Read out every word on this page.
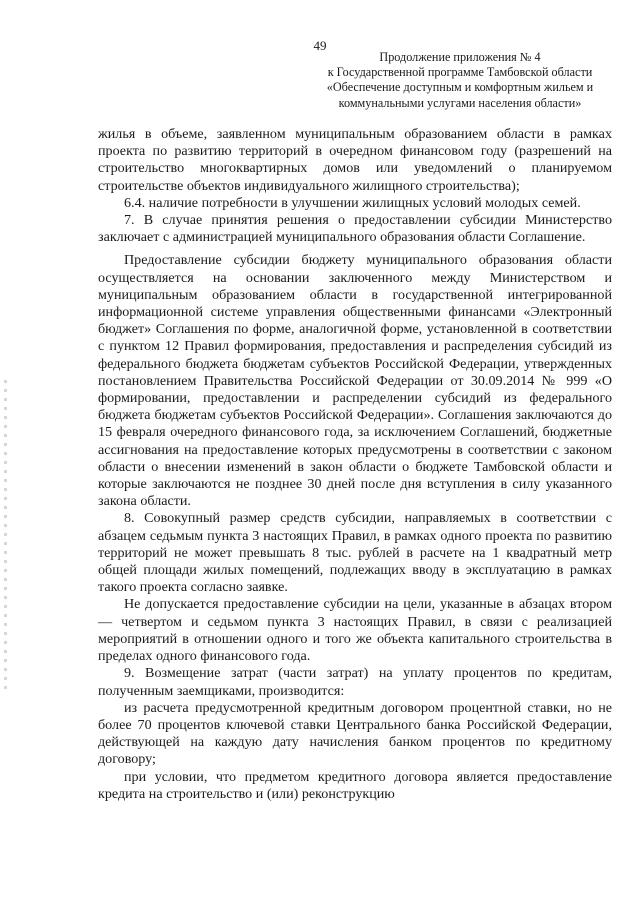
49
Продолжение приложения № 4
к Государственной программе Тамбовской области
«Обеспечение доступным и комфортным жильем и
коммунальными услугами населения области»

жилья в объеме, заявленном муниципальным образованием области в рамках проекта по развитию территорий в очередном финансовом году (разрешений на строительство многоквартирных домов или уведомлений о планируемом строительстве объектов индивидуального жилищного строительства);

6.4. наличие потребности в улучшении жилищных условий молодых семей.

7. В случае принятия решения о предоставлении субсидии Министерство заключает с администрацией муниципального образования области Соглашение.

Предоставление субсидии бюджету муниципального образования области осуществляется на основании заключенного между Министерством и муниципальным образованием области в государственной интегрированной информационной системе управления общественными финансами «Электронный бюджет» Соглашения по форме, аналогичной форме, установленной в соответствии с пунктом 12 Правил формирования, предоставления и распределения субсидий из федерального бюджета бюджетам субъектов Российской Федерации, утвержденных постановлением Правительства Российской Федерации от 30.09.2014 № 999 «О формировании, предоставлении и распределении субсидий из федерального бюджета бюджетам субъектов Российской Федерации». Соглашения заключаются до 15 февраля очередного финансового года, за исключением Соглашений, бюджетные ассигнования на предоставление которых предусмотрены в соответствии с законом области о внесении изменений в закон области о бюджете Тамбовской области и которые заключаются не позднее 30 дней после дня вступления в силу указанного закона области.

8. Совокупный размер средств субсидии, направляемых в соответствии с абзацем седьмым пункта 3 настоящих Правил, в рамках одного проекта по развитию территорий не может превышать 8 тыс. рублей в расчете на 1 квадратный метр общей площади жилых помещений, подлежащих вводу в эксплуатацию в рамках такого проекта согласно заявке.

Не допускается предоставление субсидии на цели, указанные в абзацах втором — четвертом и седьмом пункта 3 настоящих Правил, в связи с реализацией мероприятий в отношении одного и того же объекта капитального строительства в пределах одного финансового года.

9. Возмещение затрат (части затрат) на уплату процентов по кредитам, полученным заемщиками, производится:

из расчета предусмотренной кредитным договором процентной ставки, но не более 70 процентов ключевой ставки Центрального банка Российской Федерации, действующей на каждую дату начисления банком процентов по кредитному договору;

при условии, что предметом кредитного договора является предоставление кредита на строительство и (или) реконструкцию
